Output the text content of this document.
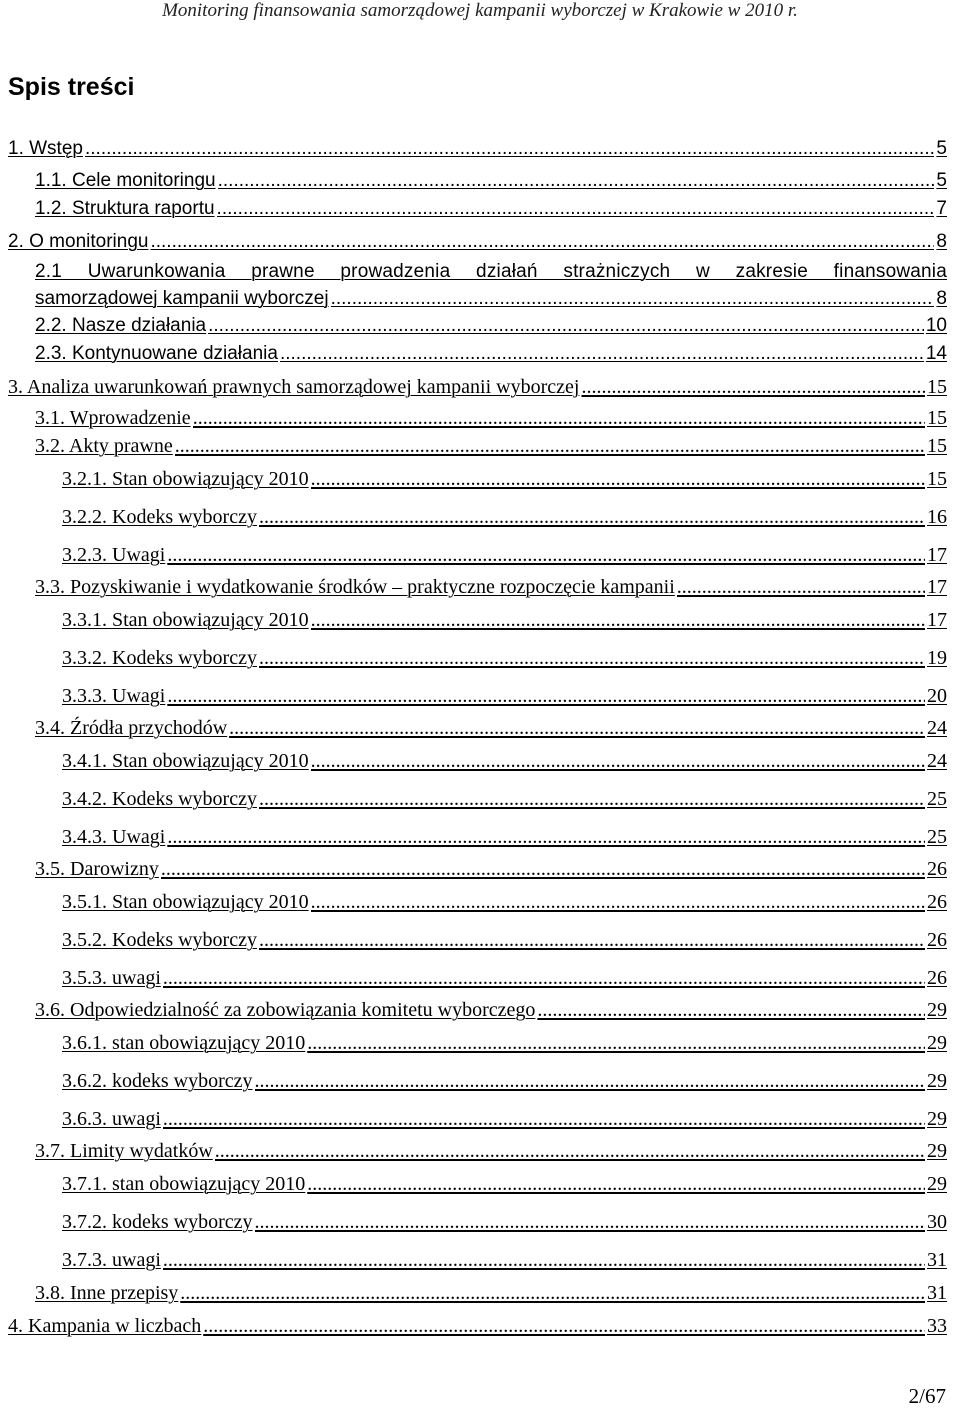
Monitoring finansowania samorządowej kampanii wyborczej w Krakowie w 2010 r.
Spis treści
1. Wstęp .....	5
1.1. Cele monitoringu .....	5
1.2. Struktura raportu .....	7
2. O monitoringu .....	8
2.1 Uwarunkowania prawne prowadzenia działań strażniczych w zakresie finansowania
samorządowej kampanii wyborczej .....	8
2.2. Nasze działania .....	10
2.3. Kontynuowane działania .....	14
3. Analiza uwarunkowań prawnych samorządowej kampanii wyborczej .....	15
3.1. Wprowadzenie .....	15
3.2. Akty prawne .....	15
3.2.1. Stan obowiązujący 2010 .....	15
3.2.2. Kodeks wyborczy .....	16
3.2.3. Uwagi .....	17
3.3. Pozyskiwanie i wydatkowanie środków – praktyczne rozpoczęcie kampanii .....	17
3.3.1. Stan obowiązujący 2010 .....	17
3.3.2. Kodeks wyborczy .....	19
3.3.3. Uwagi .....	20
3.4. Źródła przychodów .....	24
3.4.1. Stan obowiązujący 2010 .....	24
3.4.2. Kodeks wyborczy .....	25
3.4.3. Uwagi .....	25
3.5. Darowizny .....	26
3.5.1. Stan obowiązujący 2010 .....	26
3.5.2. Kodeks wyborczy .....	26
3.5.3. uwagi .....	26
3.6. Odpowiedzialność za zobowiązania komitetu wyborczego .....	29
3.6.1. stan obowiązujący 2010 .....	29
3.6.2. kodeks wyborczy .....	29
3.6.3. uwagi .....	29
3.7. Limity wydatków .....	29
3.7.1. stan obowiązujący 2010 .....	29
3.7.2. kodeks wyborczy .....	30
3.7.3. uwagi .....	31
3.8. Inne przepisy .....	31
4. Kampania w liczbach .....	33
2/67
